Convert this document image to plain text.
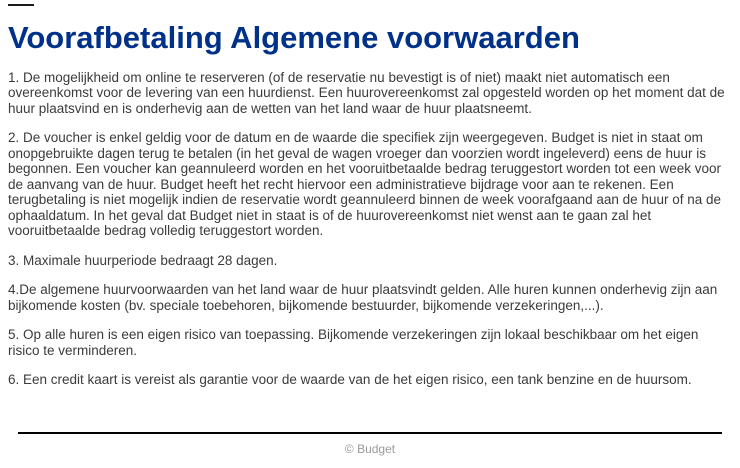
Voorafbetaling Algemene voorwaarden

1. De mogelijkheid om online te reserveren (of de reservatie nu bevestigt is of niet) maakt niet automatisch een overeenkomst voor de levering van een huurdienst. Een huurovereenkomst zal opgesteld worden op het moment dat de huur plaatsvind en is onderhevig aan de wetten van het land waar de huur plaatsneemt.

2. De voucher is enkel geldig voor de datum en de waarde die specifiek zijn weergegeven. Budget is niet in staat om onopgebruikte dagen terug te betalen (in het geval de wagen vroeger dan voorzien wordt ingeleverd) eens de huur is begonnen. Een voucher kan geannuleerd worden en het vooruitbetaalde bedrag teruggestort worden tot een week voor de aanvang van de huur. Budget heeft het recht hiervoor een administratieve bijdrage voor aan te rekenen. Een terugbetaling is niet mogelijk indien de reservatie wordt geannuleerd binnen de week voorafgaand aan de huur of na de ophaaldatum. In het geval dat Budget niet in staat is of de huurovereenkomst niet wenst aan te gaan zal het vooruitbetaalde bedrag volledig teruggestort worden.

3. Maximale huurperiode bedraagt 28 dagen.

4.De algemene huurvoorwaarden van het land waar de huur plaatsvindt gelden. Alle huren kunnen onderhevig zijn aan bijkomende kosten (bv. speciale toebehoren, bijkomende bestuurder, bijkomende verzekeringen,...).

5. Op alle huren is een eigen risico van toepassing. Bijkomende verzekeringen zijn lokaal beschikbaar om het eigen risico te verminderen.

6. Een credit kaart is vereist als garantie voor de waarde van de het eigen risico, een tank benzine en de huursom.

© Budget
